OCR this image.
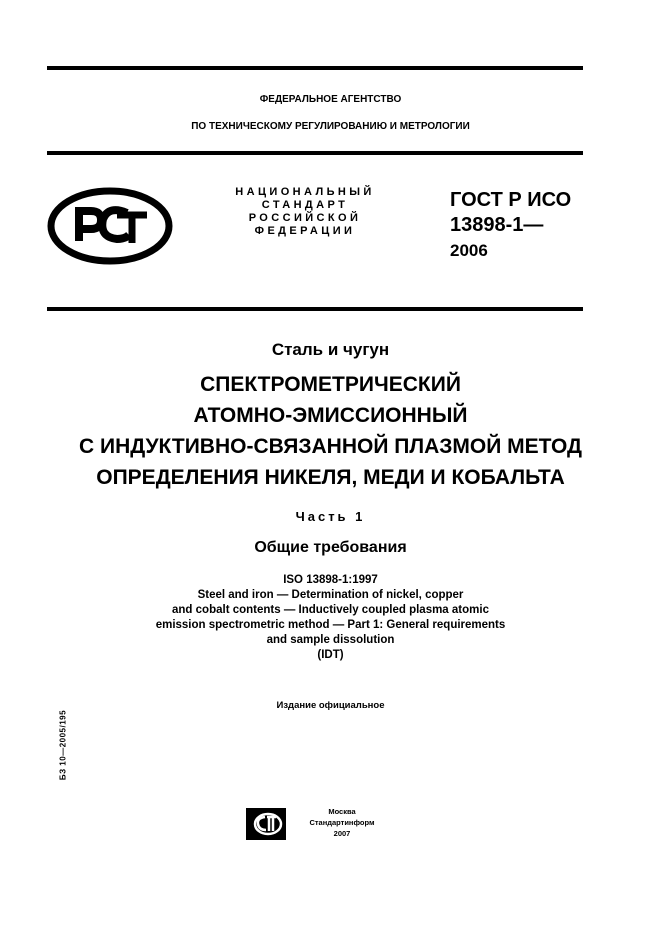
ФЕДЕРАЛЬНОЕ АГЕНТСТВО
ПО ТЕХНИЧЕСКОМУ РЕГУЛИРОВАНИЮ И МЕТРОЛОГИИ
НАЦИОНАЛЬНЫЙ
СТАНДАРТ
РОССИЙСКОЙ
ФЕДЕРАЦИИ
ГОСТ Р ИСО
13898-1—
2006
Сталь и чугун
СПЕКТРОМЕТРИЧЕСКИЙ
АТОМНО-ЭМИССИОННЫЙ
С ИНДУКТИВНО-СВЯЗАННОЙ ПЛАЗМОЙ МЕТОД
ОПРЕДЕЛЕНИЯ НИКЕЛЯ, МЕДИ И КОБАЛЬТА
Часть 1
Общие требования
ISO 13898-1:1997
Steel and iron — Determination of nickel, copper
and cobalt contents — Inductively coupled plasma atomic
emission spectrometric method — Part 1: General requirements
and sample dissolution
(IDT)
Издание официальное
БЗ 10—2005/195
Москва
Стандартинформ
2007
